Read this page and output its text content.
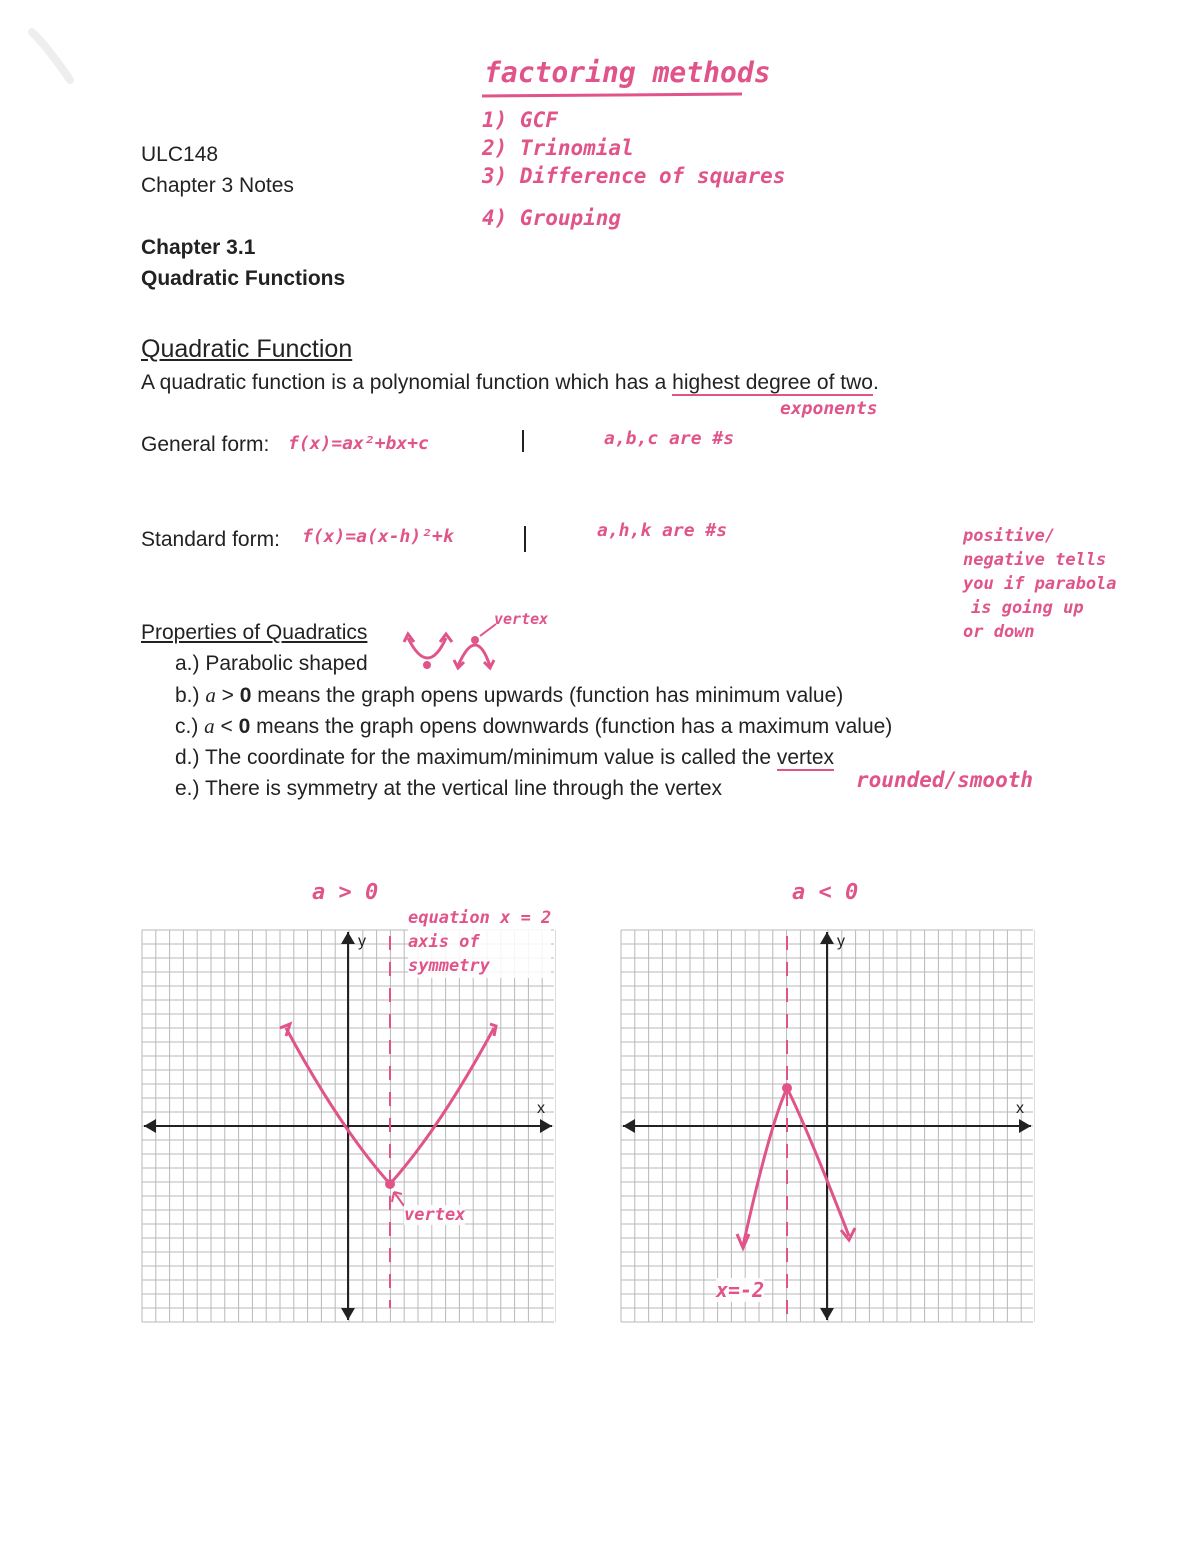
ULC148
Chapter 3 Notes
Chapter 3.1
Quadratic Functions
factoring methods
1) GCF
2) Trinomial
3) Difference of squares
4) Grouping
Quadratic Function
A quadratic function is a polynomial function which has a highest degree of two.
exponents
General form: f(x)=ax²+bx+c	a,b,c are #s
Standard form: f(x)=a(x-h)²+k	a,h,k are #s	positive/
negative tells
you if parabola
is going up
or down
Properties of Quadratics
vertex
a.) Parabolic shaped
b.) a > 0 means the graph opens upwards (function has minimum value)
c.) a < 0 means the graph opens downwards (function has a maximum value)
d.) The coordinate for the maximum/minimum value is called the vertex
e.) There is symmetry at the vertical line through the vertex	rounded/smooth
a > 0	a < 0
y
x
equation x = 2
axis of
symmetry
vertex
y
x
x=-2
